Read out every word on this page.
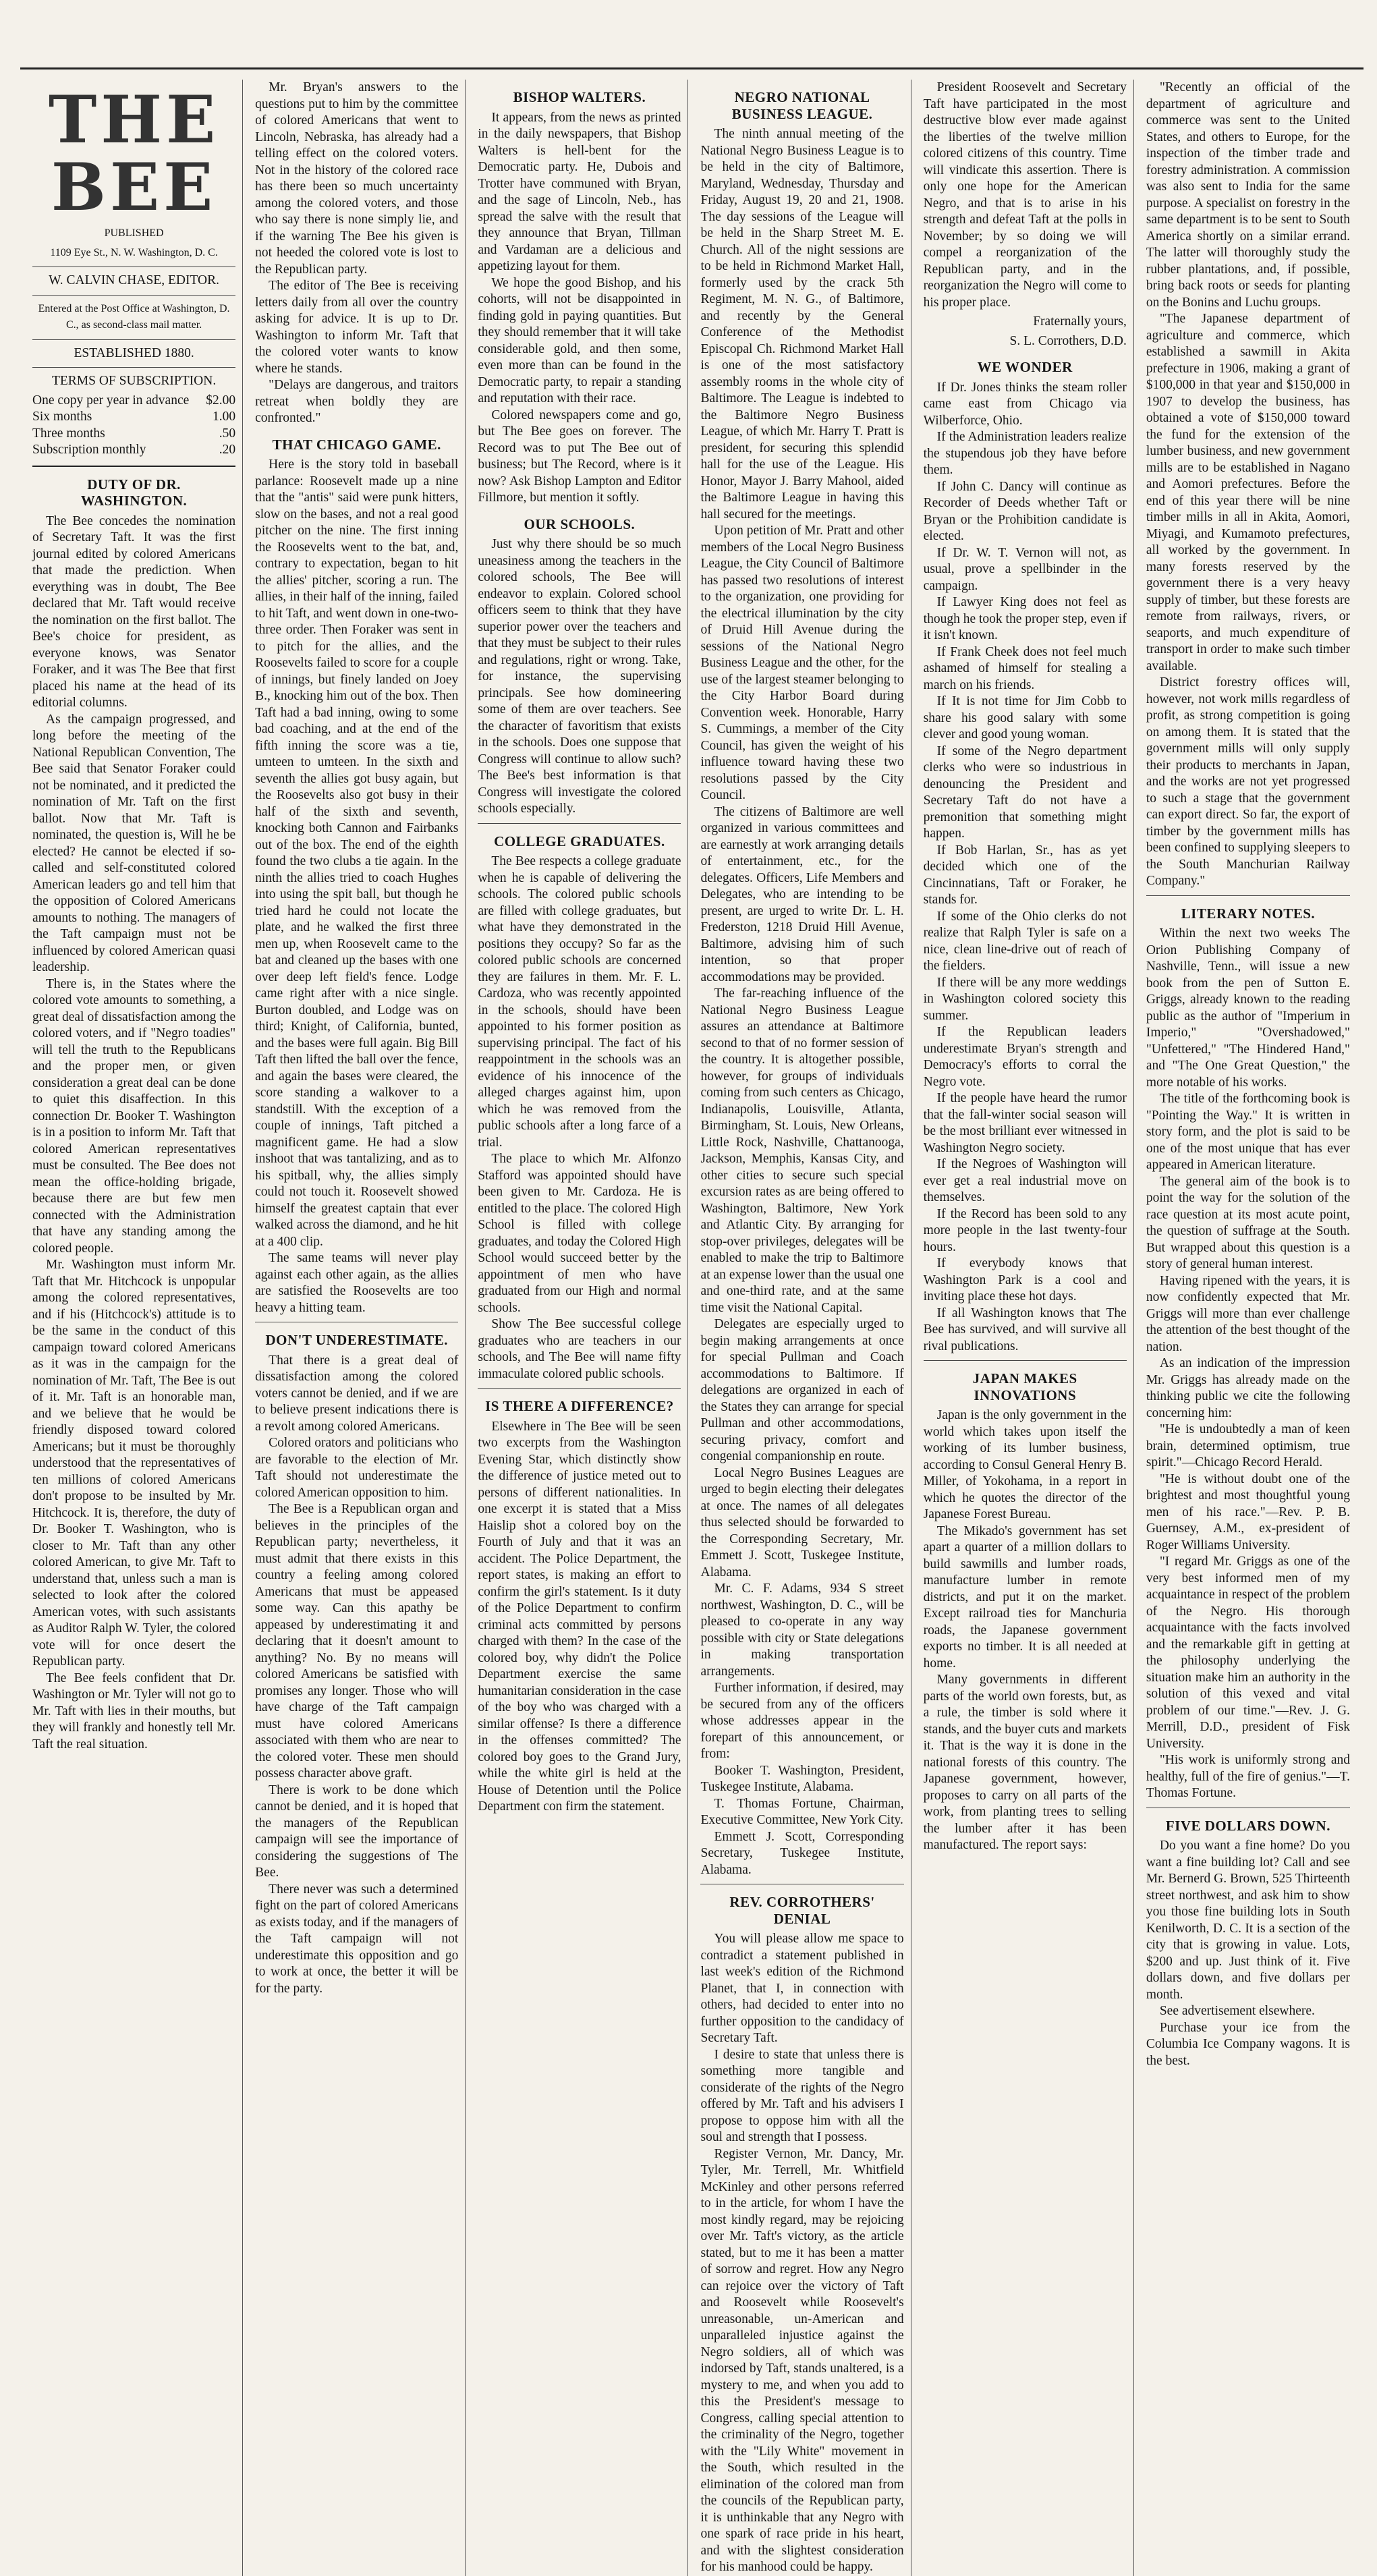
THE BEE

PUBLISHED

1109 Eye St., N. W. Washington, D. C.

W. CALVIN CHASE, EDITOR.

Entered at the Post Office at Washington, D. C., as second-class mail matter.

ESTABLISHED 1880.

TERMS OF SUBSCRIPTION.

One copy per year in advance $2.00
Six months	1.00
Three months	.50
Subscription monthly	.20
DUTY OF DR. WASHINGTON.

The Bee concedes the nomination of Secretary Taft. It was the first journal edited by colored Americans that made the prediction. When everything was in doubt, The Bee declared that Mr. Taft would receive the nomination on the first ballot. The Bee's choice for president, as everyone knows, was Senator Foraker, and it was The Bee that first placed his name at the head of its editorial columns.

As the campaign progressed, and long before the meeting of the National Republican Convention, The Bee said that Senator Foraker could not be nominated, and it predicted the nomination of Mr. Taft on the first ballot. Now that Mr. Taft is nominated, the question is, Will he be elected? He cannot be elected if so-called and self-constituted colored American leaders go and tell him that the opposition of Colored Americans amounts to nothing. The managers of the Taft campaign must not be influenced by colored American quasi leadership.

There is, in the States where the colored vote amounts to something, a great deal of dissatisfaction among the colored voters, and if "Negro toadies" will tell the truth to the Republicans and the proper men, or given consideration a great deal can be done to quiet this disaffection. In this connection Dr. Booker T. Washington is in a position to inform Mr. Taft that colored American representatives must be consulted. The Bee does not mean the office-holding brigade, because there are but few men connected with the Administration that have any standing among the colored people.

Mr. Washington must inform Mr. Taft that Mr. Hitchcock is unpopular among the colored representatives, and if his (Hitchcock's) attitude is to be the same in the conduct of this campaign toward colored Americans as it was in the campaign for the nomination of Mr. Taft, The Bee is out of it. Mr. Taft is an honorable man, and we believe that he would be friendly disposed toward colored Americans; but it must be thoroughly understood that the representatives of ten millions of colored Americans don't propose to be insulted by Mr. Hitchcock. It is, therefore, the duty of Dr. Booker T. Washington, who is closer to Mr. Taft than any other colored American, to give Mr. Taft to understand that, unless such a man is selected to look after the colored American votes, with such assistants as Auditor Ralph W. Tyler, the colored vote will for once desert the Republican party.

The Bee feels confident that Dr. Washington or Mr. Tyler will not go to Mr. Taft with lies in their mouths, but they will frankly and honestly tell Mr. Taft the real situation.

Mr. Bryan's answers to the questions put to him by the committee of colored Americans that went to Lincoln, Nebraska, has already had a telling effect on the colored voters. Not in the history of the colored race has there been so much uncertainty among the colored voters, and those who say there is none simply lie, and if the warning The Bee his given is not heeded the colored vote is lost to the Republican party.

The editor of The Bee is receiving letters daily from all over the country asking for advice. It is up to Dr. Washington to inform Mr. Taft that the colored voter wants to know where he stands.

"Delays are dangerous, and traitors retreat when boldly they are confronted."

THAT CHICAGO GAME.

Here is the story told in baseball parlance: Roosevelt made up a nine that the "antis" said were punk hitters, slow on the bases, and not a real good pitcher on the nine. The first inning the Roosevelts went to the bat, and, contrary to expectation, began to hit the allies' pitcher, scoring a run. The allies, in their half of the inning, failed to hit Taft, and went down in one-two-three order. Then Foraker was sent in to pitch for the allies, and the Roosevelts failed to score for a couple of innings, but finely landed on Joey B., knocking him out of the box. Then Taft had a bad inning, owing to some bad coaching, and at the end of the fifth inning the score was a tie, umteen to umteen. In the sixth and seventh the allies got busy again, but the Roosevelts also got busy in their half of the sixth and seventh, knocking both Cannon and Fairbanks out of the box. The end of the eighth found the two clubs a tie again. In the ninth the allies tried to coach Hughes into using the spit ball, but though he tried hard he could not locate the plate, and he walked the first three men up, when Roosevelt came to the bat and cleaned up the bases with one over deep left field's fence. Lodge came right after with a nice single. Burton doubled, and Lodge was on third; Knight, of California, bunted, and the bases were full again. Big Bill Taft then lifted the ball over the fence, and again the bases were cleared, the score standing a walkover to a standstill. With the exception of a couple of innings, Taft pitched a magnificent game. He had a slow inshoot that was tantalizing, and as to his spitball, why, the allies simply could not touch it. Roosevelt showed himself the greatest captain that ever walked across the diamond, and he hit at a 400 clip.

The same teams will never play against each other again, as the allies are satisfied the Roosevelts are too heavy a hitting team.

DON'T UNDERESTIMATE.

That there is a great deal of dissatisfaction among the colored voters cannot be denied, and if we are to believe present indications there is a revolt among colored Americans.

Colored orators and politicians who are favorable to the election of Mr. Taft should not underestimate the colored American opposition to him.

The Bee is a Republican organ and believes in the principles of the Republican party; nevertheless, it must admit that there exists in this country a feeling among colored Americans that must be appeased some way. Can this apathy be appeased by underestimating it and declaring that it doesn't amount to anything? No. By no means will colored Americans be satisfied with promises any longer. Those who will have charge of the Taft campaign must have colored Americans associated with them who are near to the colored voter. These men should possess character above graft.

There is work to be done which cannot be denied, and it is hoped that the managers of the Republican campaign will see the importance of considering the suggestions of The Bee.

There never was such a determined fight on the part of colored Americans as exists today, and if the managers of the Taft campaign will not underestimate this opposition and go to work at once, the better it will be for the party.

BISHOP WALTERS.

It appears, from the news as printed in the daily newspapers, that Bishop Walters is hell-bent for the Democratic party. He, Dubois and Trotter have communed with Bryan, and the sage of Lincoln, Neb., has spread the salve with the result that they announce that Bryan, Tillman and Vardaman are a delicious and appetizing layout for them.

We hope the good Bishop, and his cohorts, will not be disappointed in finding gold in paying quantities. But they should remember that it will take considerable gold, and then some, even more than can be found in the Democratic party, to repair a standing and reputation with their race.

Colored newspapers come and go, but The Bee goes on forever. The Record was to put The Bee out of business; but The Record, where is it now? Ask Bishop Lampton and Editor Fillmore, but mention it softly.

OUR SCHOOLS.

Just why there should be so much uneasiness among the teachers in the colored schools, The Bee will endeavor to explain. Colored school officers seem to think that they have superior power over the teachers and that they must be subject to their rules and regulations, right or wrong. Take, for instance, the supervising principals. See how domineering some of them are over teachers. See the character of favoritism that exists in the schools. Does one suppose that Congress will continue to allow such? The Bee's best information is that Congress will investigate the colored schools especially.

COLLEGE GRADUATES.

The Bee respects a college graduate when he is capable of delivering the schools. The colored public schools are filled with college graduates, but what have they demonstrated in the positions they occupy? So far as the colored public schools are concerned they are failures in them. Mr. F. L. Cardoza, who was recently appointed in the schools, should have been appointed to his former position as supervising principal. The fact of his reappointment in the schools was an evidence of his innocence of the alleged charges against him, upon which he was removed from the public schools after a long farce of a trial.

The place to which Mr. Alfonzo Stafford was appointed should have been given to Mr. Cardoza. He is entitled to the place. The colored High School is filled with college graduates, and today the Colored High School would succeed better by the appointment of men who have graduated from our High and normal schools.

Show The Bee successful college graduates who are teachers in our schools, and The Bee will name fifty immaculate colored public schools.

IS THERE A DIFFERENCE?

Elsewhere in The Bee will be seen two excerpts from the Washington Evening Star, which distinctly show the difference of justice meted out to persons of different nationalities. In one excerpt it is stated that a Miss Haislip shot a colored boy on the Fourth of July and that it was an accident. The Police Department, the report states, is making an effort to confirm the girl's statement. Is it duty of the Police Department to confirm criminal acts committed by persons charged with them? In the case of the colored boy, why didn't the Police Department exercise the same humanitarian consideration in the case of the boy who was charged with a similar offense? Is there a difference in the offenses committed? The colored boy goes to the Grand Jury, while the white girl is held at the House of Detention until the Police Department con firm the statement.

NEGRO NATIONAL BUSINESS LEAGUE.

The ninth annual meeting of the National Negro Business League is to be held in the city of Baltimore, Maryland, Wednesday, Thursday and Friday, August 19, 20 and 21, 1908. The day sessions of the League will be held in the Sharp Street M. E. Church. All of the night sessions are to be held in Richmond Market Hall, formerly used by the crack 5th Regiment, M. N. G., of Baltimore, and recently by the General Conference of the Methodist Episcopal Ch. Richmond Market Hall is one of the most satisfactory assembly rooms in the whole city of Baltimore. The League is indebted to the Baltimore Negro Business League, of which Mr. Harry T. Pratt is president, for securing this splendid hall for the use of the League. His Honor, Mayor J. Barry Mahool, aided the Baltimore League in having this hall secured for the meetings.

Upon petition of Mr. Pratt and other members of the Local Negro Business League, the City Council of Baltimore has passed two resolutions of interest to the organization, one providing for the electrical illumination by the city of Druid Hill Avenue during the sessions of the National Negro Business League and the other, for the use of the largest steamer belonging to the City Harbor Board during Convention week. Honorable, Harry S. Cummings, a member of the City Council, has given the weight of his influence toward having these two resolutions passed by the City Council.

The citizens of Baltimore are well organized in various committees and are earnestly at work arranging details of entertainment, etc., for the delegates. Officers, Life Members and Delegates, who are intending to be present, are urged to write Dr. L. H. Frederston, 1218 Druid Hill Avenue, Baltimore, advising him of such intention, so that proper accommodations may be provided.

The far-reaching influence of the National Negro Business League assures an attendance at Baltimore second to that of no former session of the country. It is altogether possible, however, for groups of individuals coming from such centers as Chicago, Indianapolis, Louisville, Atlanta, Birmingham, St. Louis, New Orleans, Little Rock, Nashville, Chattanooga, Jackson, Memphis, Kansas City, and other cities to secure such special excursion rates as are being offered to Washington, Baltimore, New York and Atlantic City. By arranging for stop-over privileges, delegates will be enabled to make the trip to Baltimore at an expense lower than the usual one and one-third rate, and at the same time visit the National Capital.

Delegates are especially urged to begin making arrangements at once for special Pullman and Coach accommodations to Baltimore. If delegations are organized in each of the States they can arrange for special Pullman and other accommodations, securing privacy, comfort and congenial companionship en route.

Local Negro Busines Leagues are urged to begin electing their delegates at once. The names of all delegates thus selected should be forwarded to the Corresponding Secretary, Mr. Emmett J. Scott, Tuskegee Institute, Alabama.

Mr. C. F. Adams, 934 S street northwest, Washington, D. C., will be pleased to co-operate in any way possible with city or State delegations in making transportation arrangements.

Further information, if desired, may be secured from any of the officers whose addresses appear in the forepart of this announcement, or from:

Booker T. Washington, President, Tuskegee Institute, Alabama.

T. Thomas Fortune, Chairman, Executive Committee, New York City.

Emmett J. Scott, Corresponding Secretary, Tuskegee Institute, Alabama.

REV. CORROTHERS' DENIAL

You will please allow me space to contradict a statement published in last week's edition of the Richmond Planet, that I, in connection with others, had decided to enter into no further opposition to the candidacy of Secretary Taft.

I desire to state that unless there is something more tangible and considerate of the rights of the Negro offered by Mr. Taft and his advisers I propose to oppose him with all the soul and strength that I possess.

Register Vernon, Mr. Dancy, Mr. Tyler, Mr. Terrell, Mr. Whitfield McKinley and other persons referred to in the article, for whom I have the most kindly regard, may be rejoicing over Mr. Taft's victory, as the article stated, but to me it has been a matter of sorrow and regret. How any Negro can rejoice over the victory of Taft and Roosevelt while Roosevelt's unreasonable, un-American and unparalleled injustice against the Negro soldiers, all of which was indorsed by Taft, stands unaltered, is a mystery to me, and when you add to this the President's message to Congress, calling special attention to the criminality of the Negro, together with the "Lily White" movement in the South, which resulted in the elimination of the colored man from the councils of the Republican party, it is unthinkable that any Negro with one spark of race pride in his heart, and with the slightest consideration for his manhood could be happy.

President Roosevelt and Secretary Taft have participated in the most destructive blow ever made against the liberties of the twelve million colored citizens of this country. Time will vindicate this assertion. There is only one hope for the American Negro, and that is to arise in his strength and defeat Taft at the polls in November; by so doing we will compel a reorganization of the Republican party, and in the reorganization the Negro will come to his proper place.

Fraternally yours,

S. L. Corrothers, D.D.

WE WONDER

If Dr. Jones thinks the steam roller came east from Chicago via Wilberforce, Ohio.

If the Administration leaders realize the stupendous job they have before them.

If John C. Dancy will continue as Recorder of Deeds whether Taft or Bryan or the Prohibition candidate is elected.

If Dr. W. T. Vernon will not, as usual, prove a spellbinder in the campaign.

If Lawyer King does not feel as though he took the proper step, even if it isn't known.

If Frank Cheek does not feel much ashamed of himself for stealing a march on his friends.

If It is not time for Jim Cobb to share his good salary with some clever and good young woman.

If some of the Negro department clerks who were so industrious in denouncing the President and Secretary Taft do not have a premonition that something might happen.

If Bob Harlan, Sr., has as yet decided which one of the Cincinnatians, Taft or Foraker, he stands for.

If some of the Ohio clerks do not realize that Ralph Tyler is safe on a nice, clean line-drive out of reach of the fielders.

If there will be any more weddings in Washington colored society this summer.

If the Republican leaders underestimate Bryan's strength and Democracy's efforts to corral the Negro vote.

If the people have heard the rumor that the fall-winter social season will be the most brilliant ever witnessed in Washington Negro society.

If the Negroes of Washington will ever get a real industrial move on themselves.

If the Record has been sold to any more people in the last twenty-four hours.

If everybody knows that Washington Park is a cool and inviting place these hot days.

If all Washington knows that The Bee has survived, and will survive all rival publications.

JAPAN MAKES INNOVATIONS

Japan is the only government in the world which takes upon itself the working of its lumber business, according to Consul General Henry B. Miller, of Yokohama, in a report in which he quotes the director of the Japanese Forest Bureau.

The Mikado's government has set apart a quarter of a million dollars to build sawmills and lumber roads, manufacture lumber in remote districts, and put it on the market. Except railroad ties for Manchuria roads, the Japanese government exports no timber. It is all needed at home.

Many governments in different parts of the world own forests, but, as a rule, the timber is sold where it stands, and the buyer cuts and markets it. That is the way it is done in the national forests of this country. The Japanese government, however, proposes to carry on all parts of the work, from planting trees to selling the lumber after it has been manufactured. The report says:

"Recently an official of the department of agriculture and commerce was sent to the United States, and others to Europe, for the inspection of the timber trade and forestry administration. A commission was also sent to India for the same purpose. A specialist on forestry in the same department is to be sent to South America shortly on a similar errand. The latter will thoroughly study the rubber plantations, and, if possible, bring back roots or seeds for planting on the Bonins and Luchu groups.

"The Japanese department of agriculture and commerce, which established a sawmill in Akita prefecture in 1906, making a grant of $100,000 in that year and $150,000 in 1907 to develop the business, has obtained a vote of $150,000 toward the fund for the extension of the lumber business, and new government mills are to be established in Nagano and Aomori prefectures. Before the end of this year there will be nine timber mills in all in Akita, Aomori, Miyagi, and Kumamoto prefectures, all worked by the government. In many forests reserved by the government there is a very heavy supply of timber, but these forests are remote from railways, rivers, or seaports, and much expenditure of transport in order to make such timber available.

District forestry offices will, however, not work mills regardless of profit, as strong competition is going on among them. It is stated that the government mills will only supply their products to merchants in Japan, and the works are not yet progressed to such a stage that the government can export direct. So far, the export of timber by the government mills has been confined to supplying sleepers to the South Manchurian Railway Company."

LITERARY NOTES.

Within the next two weeks The Orion Publishing Company of Nashville, Tenn., will issue a new book from the pen of Sutton E. Griggs, already known to the reading public as the author of "Imperium in Imperio," "Overshadowed," "Unfettered," "The Hindered Hand," and "The One Great Question," the more notable of his works.

The title of the forthcoming book is "Pointing the Way." It is written in story form, and the plot is said to be one of the most unique that has ever appeared in American literature.

The general aim of the book is to point the way for the solution of the race question at its most acute point, the question of suffrage at the South. But wrapped about this question is a story of general human interest.

Having ripened with the years, it is now confidently expected that Mr. Griggs will more than ever challenge the attention of the best thought of the nation.

As an indication of the impression Mr. Griggs has already made on the thinking public we cite the following concerning him:

"He is undoubtedly a man of keen brain, determined optimism, true spirit."—Chicago Record Herald.

"He is without doubt one of the brightest and most thoughtful young men of his race."—Rev. P. B. Guernsey, A.M., ex-president of Roger Williams University.

"I regard Mr. Griggs as one of the very best informed men of my acquaintance in respect of the problem of the Negro. His thorough acquaintance with the facts involved and the remarkable gift in getting at the philosophy underlying the situation make him an authority in the solution of this vexed and vital problem of our time."—Rev. J. G. Merrill, D.D., president of Fisk University.

"His work is uniformly strong and healthy, full of the fire of genius."—T. Thomas Fortune.

FIVE DOLLARS DOWN.

Do you want a fine home? Do you want a fine building lot? Call and see Mr. Bernerd G. Brown, 525 Thirteenth street northwest, and ask him to show you those fine building lots in South Kenilworth, D. C. It is a section of the city that is growing in value. Lots, $200 and up. Just think of it. Five dollars down, and five dollars per month.

See advertisement elsewhere.

Purchase your ice from the Columbia Ice Company wagons. It is the best.
